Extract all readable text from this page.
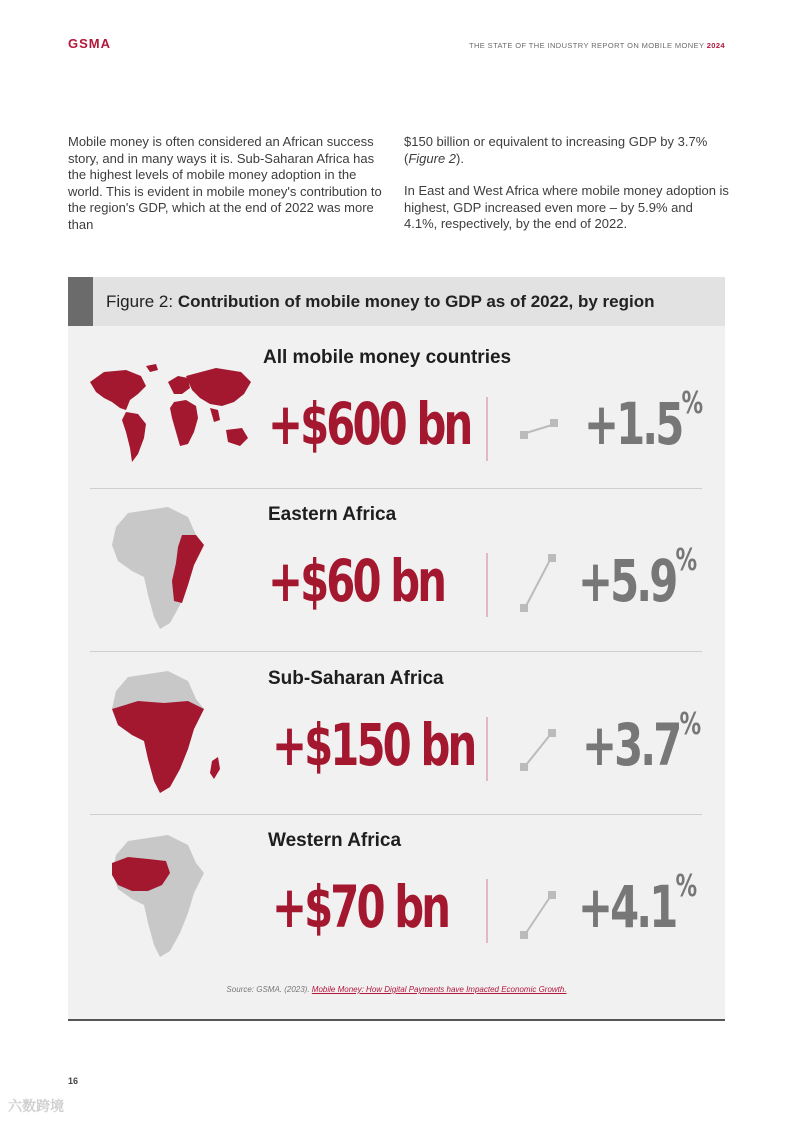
GSMA	THE STATE OF THE INDUSTRY REPORT ON MOBILE MONEY 2024

Mobile money is often considered an African success story, and in many ways it is. Sub-Saharan Africa has the highest levels of mobile money adoption in the world. This is evident in mobile money's contribution to the region's GDP, which at the end of 2022 was more than

$150 billion or equivalent to increasing GDP by 3.7% (Figure 2).

In East and West Africa where mobile money adoption is highest, GDP increased even more – by 5.9% and 4.1%, respectively, by the end of 2022.

Figure 2: Contribution of mobile money to GDP as of 2022, by region
All mobile money countries
+$600 bn +1.5%
Eastern Africa
+$60 bn +5.9%
Sub-Saharan Africa
+$150 bn +3.7%
Western Africa
+$70 bn +4.1%
Source: GSMA. (2023). Mobile Money: How Digital Payments have Impacted Economic Growth.
16
六数跨境
